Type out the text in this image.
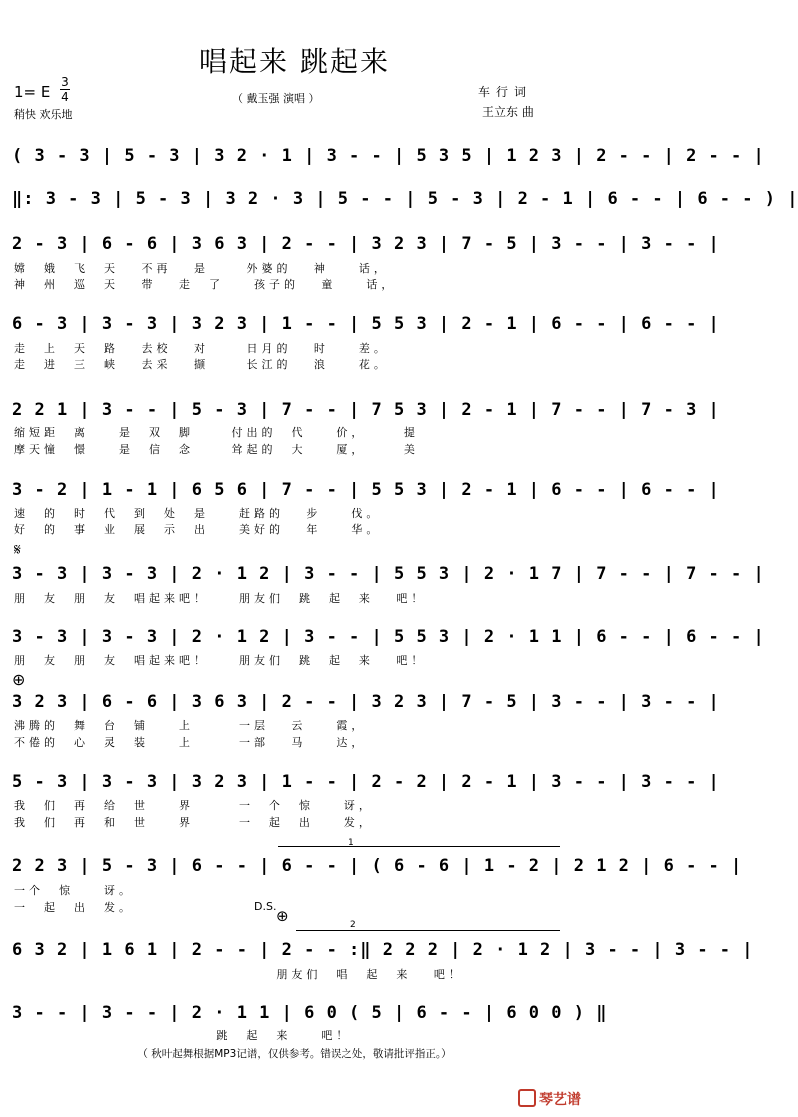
唱起来 跳起来
1= E
3
4
稍快 欢乐地
（ 戴玉强 演唱 ）	车行词
王立东 曲
( 3 - 3 | 5 - 3 | 3 2 · 1 | 3 - - | 5 3 5 | 1 2 3 | 2 - - | 2 - - |
‖: 3 - 3 | 5 - 3 | 3 2 · 3 | 5 - - | 5 - 3 | 2 - 1 | 6 - - | 6 - - ) |
2 - 3 | 6 - 6 | 3 6 3 | 2 - - | 3 2 3 | 7 - 5 | 3 - - | 3 - - |
嫦  娥  飞  天   不再   是     外婆的   神    话，
神  州  巡  天   带   走  了    孩子的   童    话，
6 - 3 | 3 - 3 | 3 2 3 | 1 - - | 5 5 3 | 2 - 1 | 6 - - | 6 - - |
走  上  天  路   去校   对     日月的   时    差。
走  进  三  峡   去采   撷     长江的   浪    花。
2 2 1 | 3 - - | 5 - 3 | 7 - - | 7 5 3 | 2 - 1 | 7 - - | 7 - 3 |
缩短距  离    是  双  脚     付出的  代    价，     提
摩天憧  憬    是  信  念     耸起的  大    厦，     美
3 - 2 | 1 - 1 | 6 5 6 | 7 - - | 5 5 3 | 2 - 1 | 6 - - | 6 - - |
速  的  时  代  到  处  是    赶路的   步    伐。
好  的  事  业  展  示  出    美好的   年    华。
𝄋
3 - 3 | 3 - 3 | 2 · 1 2 | 3 - - | 5 5 3 | 2 · 1 7 | 7 - - | 7 - - |
朋  友  朋  友  唱起来吧！    朋友们  跳  起  来   吧！
3 - 3 | 3 - 3 | 2 · 1 2 | 3 - - | 5 5 3 | 2 · 1 1 | 6 - - | 6 - - |
朋  友  朋  友  唱起来吧！    朋友们  跳  起  来   吧！
⊕
3 2 3 | 6 - 6 | 3 6 3 | 2 - - | 3 2 3 | 7 - 5 | 3 - - | 3 - - |
沸腾的  舞  台  铺    上      一层   云    霞，
不倦的  心  灵  装    上      一部   马    达，
5 - 3 | 3 - 3 | 3 2 3 | 1 - - | 2 - 2 | 2 - 1 | 3 - - | 3 - - |
我  们  再  给  世    界      一  个  惊    讶，
我  们  再  和  世    界      一  起  出    发，
1
2 2 3 | 5 - 3 | 6 - - | 6 - - | ( 6 - 6 | 1 - 2 | 2 1 2 | 6 - - |
一个  惊    讶。
一  起  出  发。	D.S.
⊕	2
6 3 2 | 1 6 1 | 2 - - | 2 - - :‖ 2 2 2 | 2 · 1 2 | 3 - - | 3 - - |
朋友们  唱  起  来   吧！
3 - - | 3 - - | 2 · 1 1 | 6 0 ( 5 | 6 - - | 6 0 0 ) ‖
跳  起  来    吧！
（ 秋叶起舞根据MP3记谱，仅供参考。错误之处，敬请批评指正。）
琴艺谱
